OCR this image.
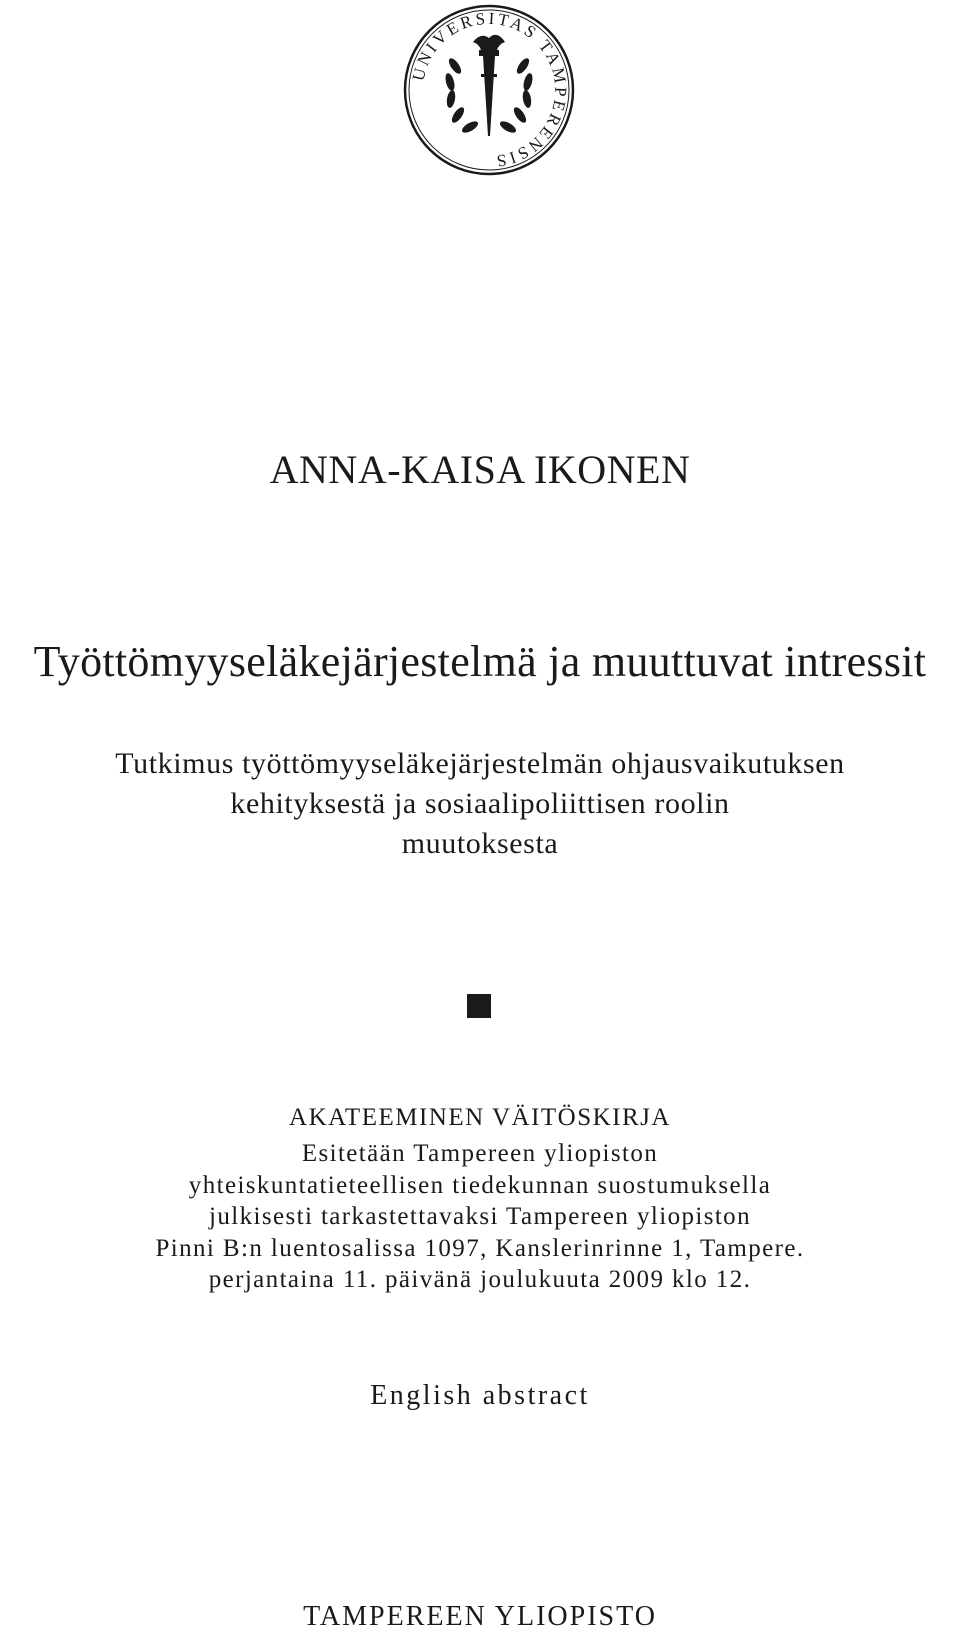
UNIVERSITAS TAMPERENSIS
ANNA-KAISA IKONEN
Työttömyyseläkejärjestelmä ja muuttuvat intressit
Tutkimus työttömyyseläkejärjestelmän ohjausvaikutuksen
kehityksestä ja sosiaalipoliittisen roolin
muutoksesta
AKATEEMINEN VÄITÖSKIRJA
Esitetään Tampereen yliopiston
yhteiskuntatieteellisen tiedekunnan suostumuksella
julkisesti tarkastettavaksi Tampereen yliopiston
Pinni B:n luentosalissa 1097, Kanslerinrinne 1, Tampere.
perjantaina 11. päivänä joulukuuta 2009 klo 12.
English abstract
TAMPEREEN YLIOPISTO
